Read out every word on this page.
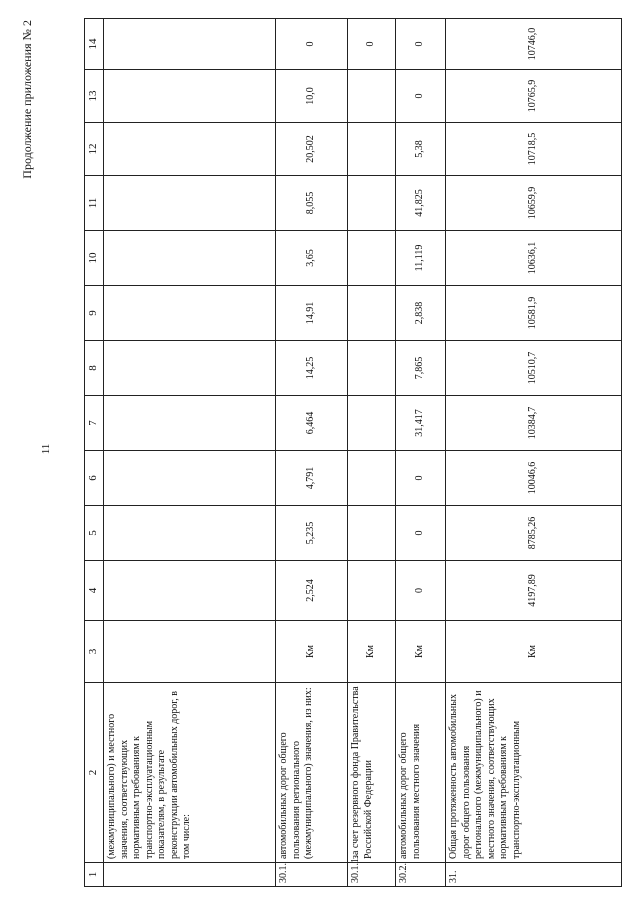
11
Продолжение приложения № 2
1	2	3	4	5	6	7	8	9	10	11	12	13	14
	(межмуниципального) и местного значения, соответствующих нормативным требованиям к транспортно-эксплуатационным показателям, в результате реконструкции автомобильных дорог, в том числе:												
30.1.	автомобильных дорог общего пользования регионального (межмуниципального) значения, из них:	Км	2,524	5,235	4,791	6,464	14,25	14,91	3,65	8,055	20,502	10,0	0
30.1.1.	за счет резервного фонда Правительства Российской Федерации	Км											0
30.2.	автомобильных дорог общего пользования местного значения	Км	0	0	0	31,417	7,865	2,838	11,119	41,825	5,38	0	0
31.	Общая протяженность автомобильных дорог общего пользования регионального (межмуниципального) и местного значения, соответствующих нормативным требованиям к транспортно-эксплуатационным	Км	4197,89	8785,26	10046,6	10384,7	10510,7	10581,9	10636,1	10659,9	10718,5	10765,9	10746,0
